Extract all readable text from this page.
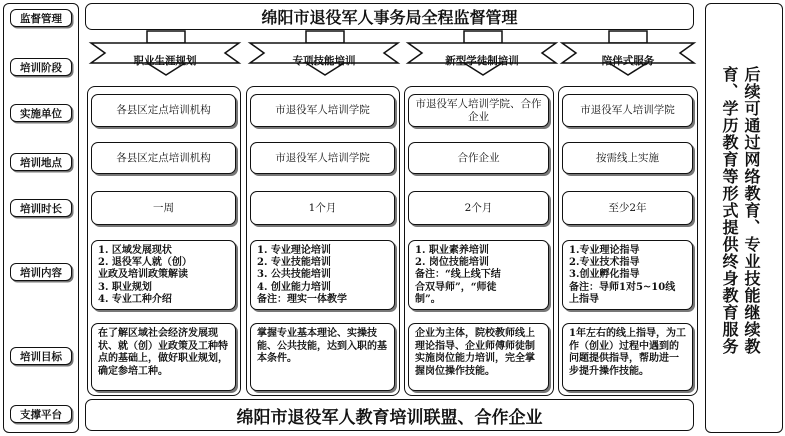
监督管理
培训阶段
实施单位
培训地点
培训时长
培训内容
培训目标
支撑平台
绵阳市退役军人事务局全程监督管理
绵阳市退役军人教育培训联盟、合作企业
后续可通过网络教育、专业技能继续教育、学历教育等形式提供终身教育服务
职业生涯规划
各县区定点培训机构
各县区定点培训机构
一周
1. 区域发展现状
2. 退役军人就（创）
业政及培训政策解读
3. 职业规划
4. 专业工种介绍
在了解区域社会经济发展现状、就（创）业政策及工种特点的基础上，做好职业规划，确定参培工种。
专项技能培训
市退役军人培训学院
市退役军人培训学院
1个月
1. 专业理论培训
2. 专业技能培训
3. 公共技能培训
4. 创业能力培训
备注：理实一体教学
掌握专业基本理论、实操技能、公共技能，达到入职的基本条件。
新型学徒制培训
市退役军人培训学院、合作企业
合作企业
2个月
1. 职业素养培训
2. 岗位技能培训
备注：“线上线下结
合双导师”，“师徒
制”。
企业为主体，院校教师线上理论指导、企业师傅师徒制实施岗位能力培训，完全掌握岗位操作技能。
陪伴式服务
市退役军人培训学院
按需线上实施
至少2年
1.专业理论指导
2.专业技术指导
3.创业孵化指导
备注：导师1对5~10线
上指导
1年左右的线上指导，为工作（创业）过程中遇到的问题提供指导，帮助进一步提升操作技能。
